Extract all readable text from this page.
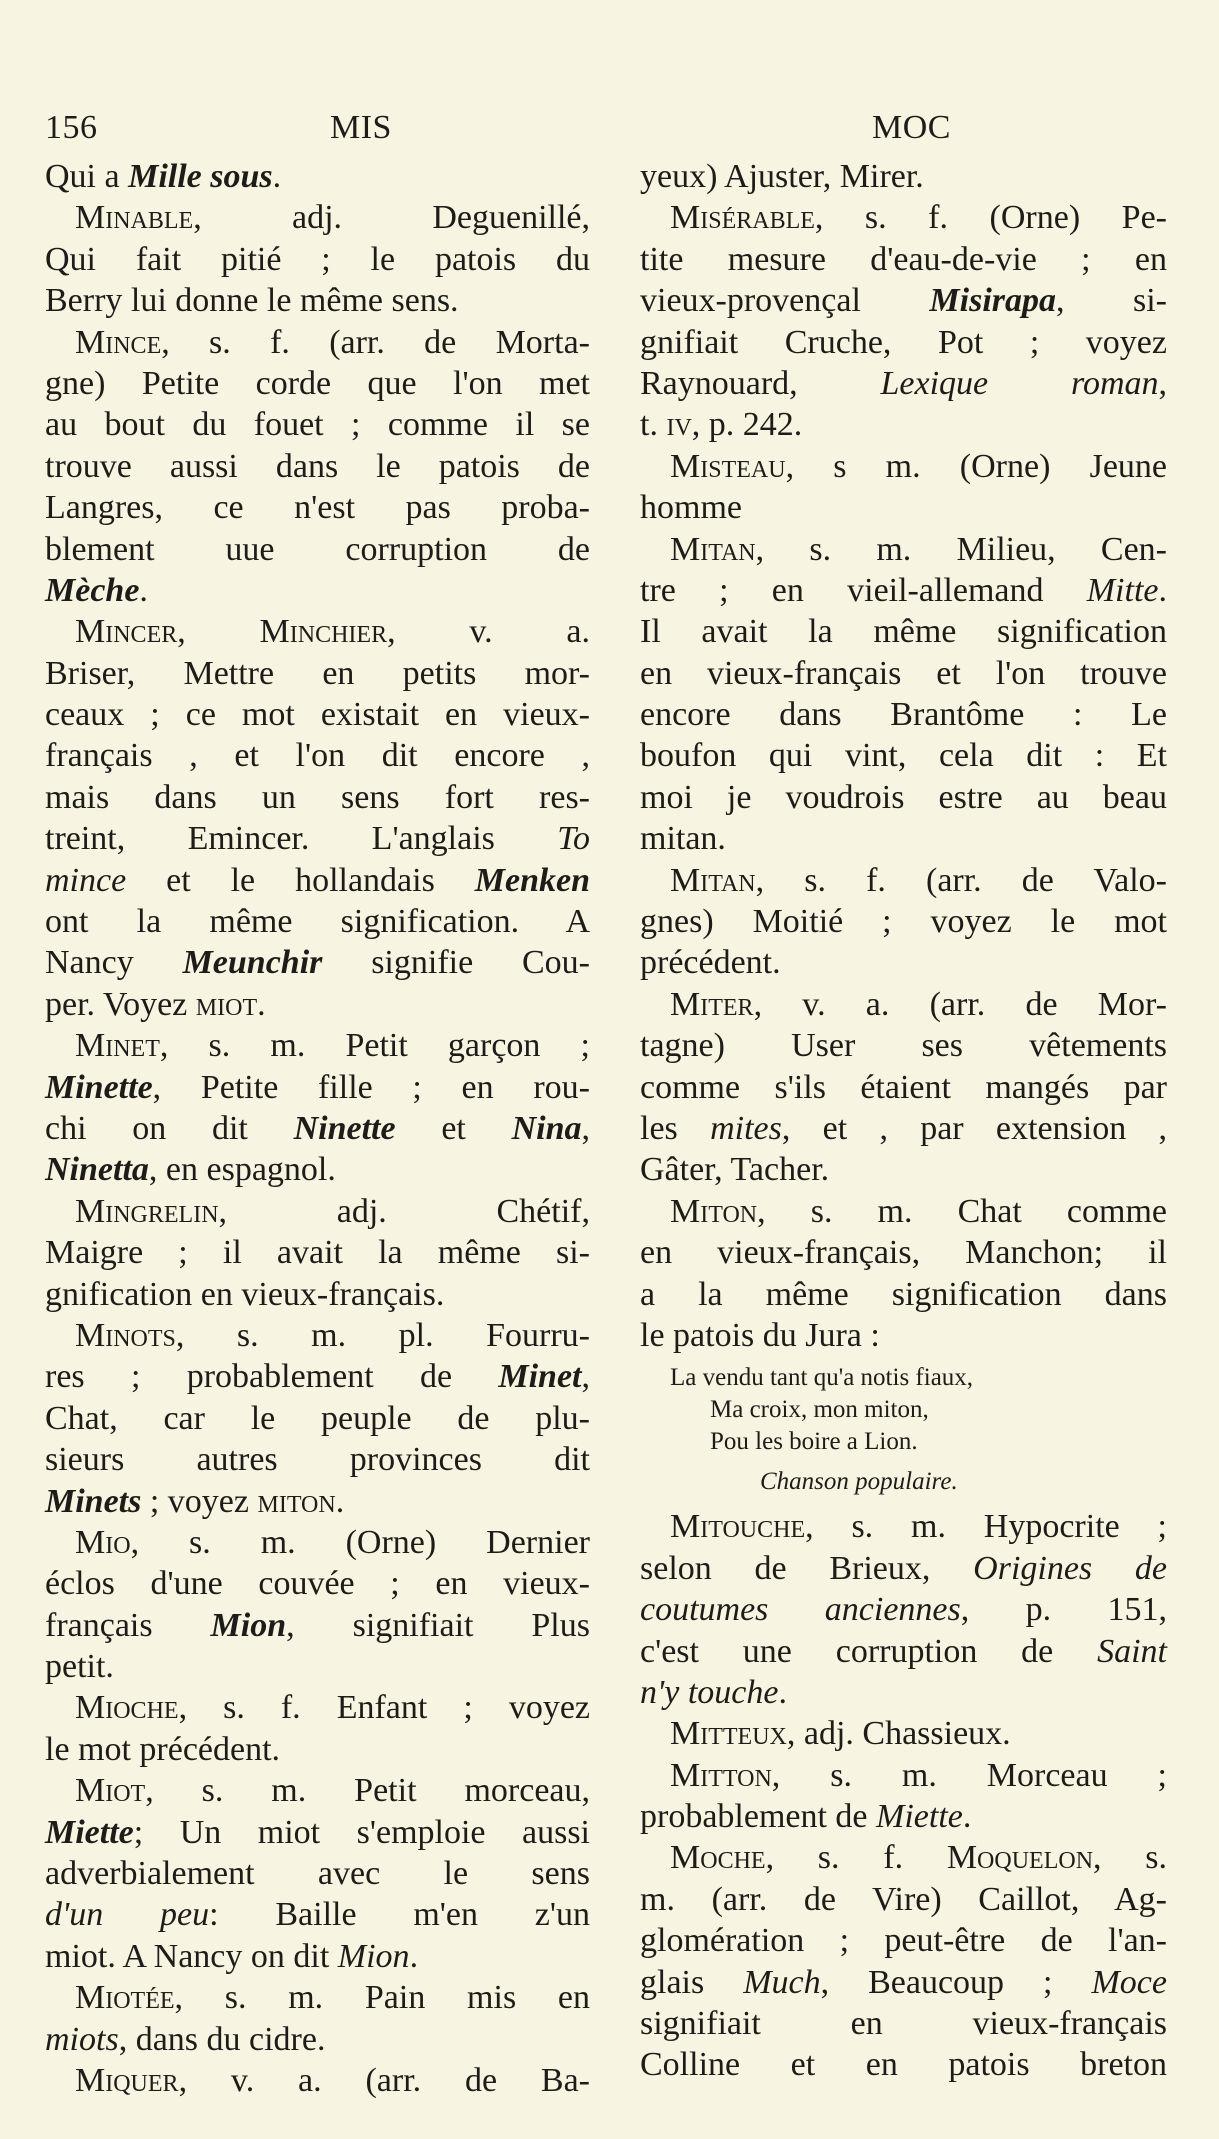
156	MIS	MOC
Qui a Mille sous.
Minable, adj. Deguenillé,
Qui fait pitié ; le patois du
Berry lui donne le même sens.
Mince, s. f. (arr. de Morta-
gne) Petite corde que l'on met
au bout du fouet ; comme il se
trouve aussi dans le patois de
Langres, ce n'est pas proba-
blement uue corruption de
Mèche.
Mincer, Minchier, v. a.
Briser, Mettre en petits mor-
ceaux ; ce mot existait en vieux-
français , et l'on dit encore ,
mais dans un sens fort res-
treint, Emincer. L'anglais To
mince et le hollandais Menken
ont la même signification. A
Nancy Meunchir signifie Cou-
per. Voyez miot.
Minet, s. m. Petit garçon ;
Minette, Petite fille ; en rou-
chi on dit Ninette et Nina,
Ninetta, en espagnol.
Mingrelin, adj. Chétif,
Maigre ; il avait la même si-
gnification en vieux-français.
Minots, s. m. pl. Fourru-
res ; probablement de Minet,
Chat, car le peuple de plu-
sieurs autres provinces dit
Minets ; voyez miton.
Mio, s. m. (Orne) Dernier
éclos d'une couvée ; en vieux-
français Mion, signifiait Plus
petit.
Mioche, s. f. Enfant ; voyez
le mot précédent.
Miot, s. m. Petit morceau,
Miette; Un miot s'emploie aussi
adverbialement avec le sens
d'un peu: Baille m'en z'un
miot. A Nancy on dit Mion.
Miotée, s. m. Pain mis en
miots, dans du cidre.
Miquer, v. a. (arr. de Ba-
yeux) Ajuster, Mirer.
Misérable, s. f. (Orne) Pe-
tite mesure d'eau-de-vie ; en
vieux-provençal Misirapa, si-
gnifiait Cruche, Pot ; voyez
Raynouard, Lexique roman,
t. iv, p. 242.
Misteau, s m. (Orne) Jeune
homme
Mitan, s. m. Milieu, Cen-
tre ; en vieil-allemand Mitte.
Il avait la même signification
en vieux-français et l'on trouve
encore dans Brantôme : Le
boufon qui vint, cela dit : Et
moi je voudrois estre au beau
mitan.
Mitan, s. f. (arr. de Valo-
gnes) Moitié ; voyez le mot
précédent.
Miter, v. a. (arr. de Mor-
tagne) User ses vêtements
comme s'ils étaient mangés par
les mites, et , par extension ,
Gâter, Tacher.
Miton, s. m. Chat comme
en vieux-français, Manchon; il
a la même signification dans
le patois du Jura :
La vendu tant qu'a notis fiaux,
Ma croix, mon miton,
Pou les boire a Lion.
Chanson populaire.
Mitouche, s. m. Hypocrite ;
selon de Brieux, Origines de
coutumes anciennes, p. 151,
c'est une corruption de Saint
n'y touche.
Mitteux, adj. Chassieux.
Mitton, s. m. Morceau ;
probablement de Miette.
Moche, s. f. Moquelon, s.
m. (arr. de Vire) Caillot, Ag-
glomération ; peut-être de l'an-
glais Much, Beaucoup ; Moce
signifiait en vieux-français
Colline et en patois breton
